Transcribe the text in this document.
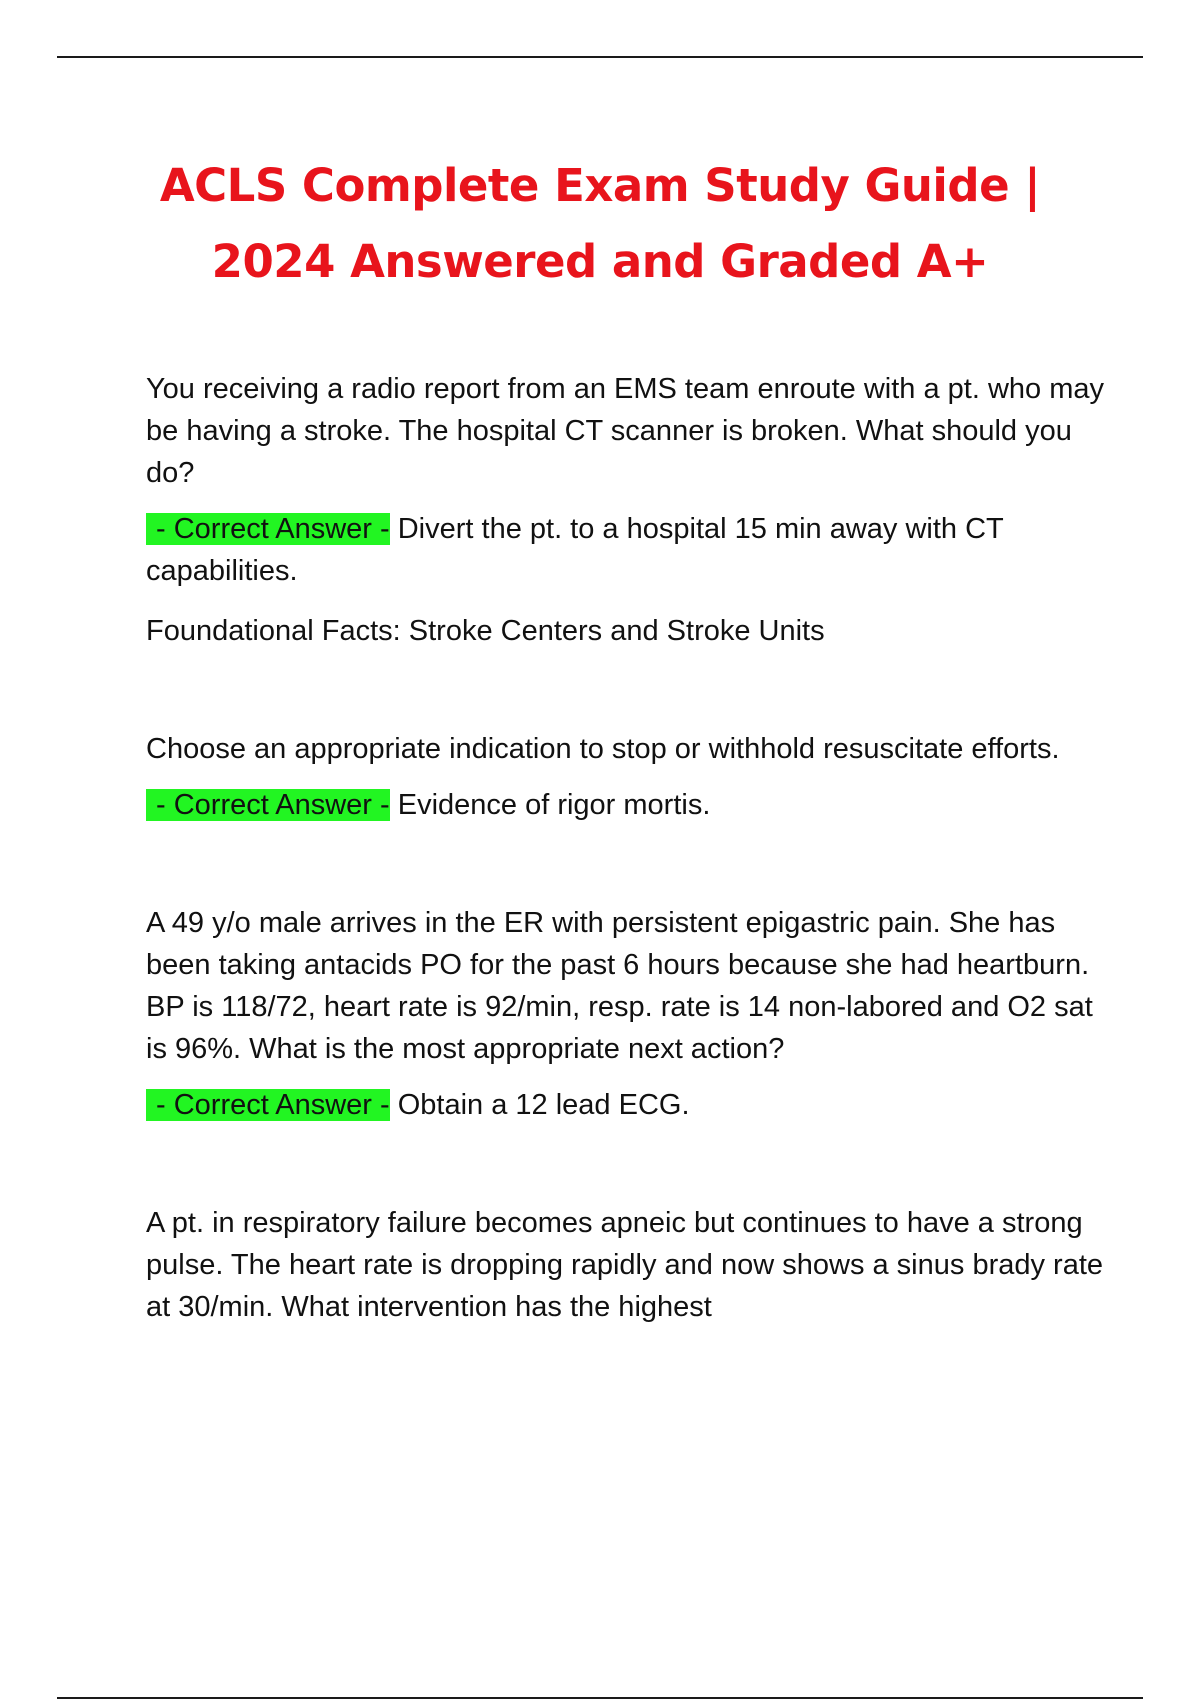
ACLS Complete Exam Study Guide |
2024 Answered and Graded A+

You receiving a radio report from an EMS team enroute with a pt. who may be having a stroke. The hospital CT scanner is broken. What should you do?

- Correct Answer - Divert the pt. to a hospital 15 min away with CT capabilities.

Foundational Facts: Stroke Centers and Stroke Units

Choose an appropriate indication to stop or withhold resuscitate efforts.

- Correct Answer - Evidence of rigor mortis.

A 49 y/o male arrives in the ER with persistent epigastric pain. She has been taking antacids PO for the past 6 hours because she had heartburn. BP is 118/72, heart rate is 92/min, resp. rate is 14 non-labored and O2 sat is 96%. What is the most appropriate next action?

- Correct Answer - Obtain a 12 lead ECG.

A pt. in respiratory failure becomes apneic but continues to have a strong pulse. The heart rate is dropping rapidly and now shows a sinus brady rate at 30/min. What intervention has the highest
